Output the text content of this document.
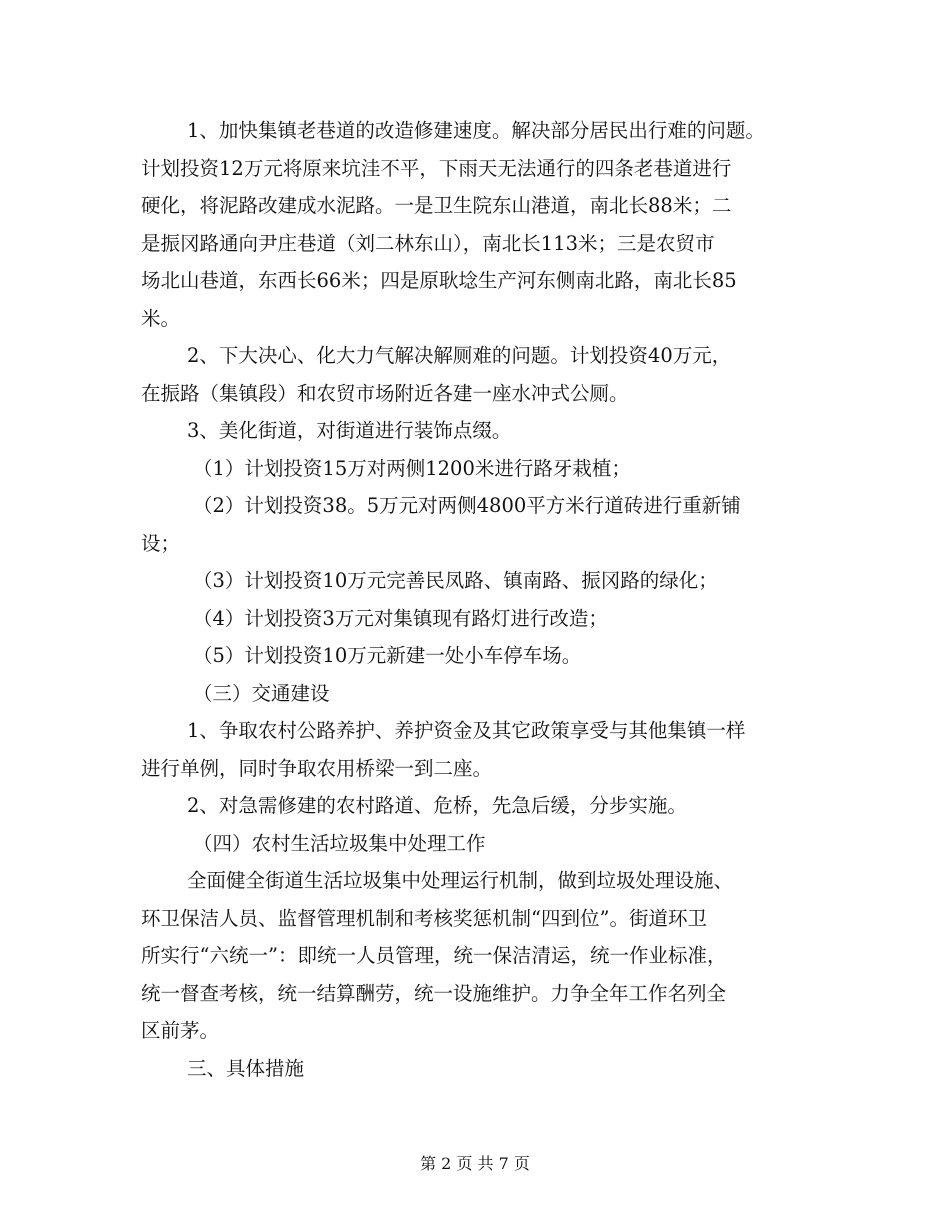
1、加快集镇老巷道的改造修建速度。解决部分居民出行难的问题。

计划投资12万元将原来坑洼不平，下雨天无法通行的四条老巷道进行

硬化，将泥路改建成水泥路。一是卫生院东山港道，南北长88米；二

是振冈路通向尹庄巷道（刘二林东山），南北长113米；三是农贸市

场北山巷道，东西长66米；四是原耿埝生产河东侧南北路，南北长85

米。

2、下大决心、化大力气解决解厕难的问题。计划投资40万元，

在振路（集镇段）和农贸市场附近各建一座水冲式公厕。

3、美化街道，对街道进行装饰点缀。

（1）计划投资15万对两侧1200米进行路牙栽植；

（2）计划投资38。5万元对两侧4800平方米行道砖进行重新铺

设；

（3）计划投资10万元完善民凤路、镇南路、振冈路的绿化；

（4）计划投资3万元对集镇现有路灯进行改造；

（5）计划投资10万元新建一处小车停车场。

（三）交通建设

1、争取农村公路养护、养护资金及其它政策享受与其他集镇一样

进行单例，同时争取农用桥梁一到二座。

2、对急需修建的农村路道、危桥，先急后缓，分步实施。

（四）农村生活垃圾集中处理工作

全面健全街道生活垃圾集中处理运行机制，做到垃圾处理设施、

环卫保洁人员、监督管理机制和考核奖惩机制“四到位”。街道环卫

所实行“六统一”：即统一人员管理，统一保洁清运，统一作业标准，

统一督查考核，统一结算酬劳，统一设施维护。力争全年工作名列全

区前茅。

三、具体措施

第 2 页 共 7 页
